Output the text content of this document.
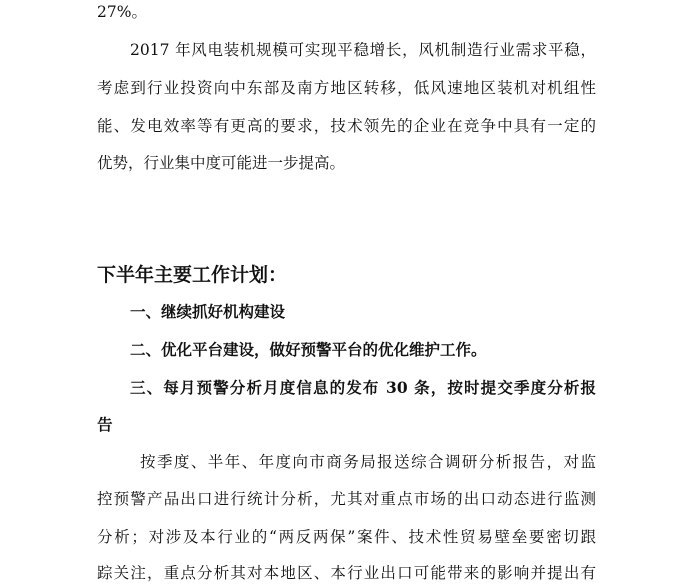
27%。
2017 年风电装机规模可实现平稳增长，风机制造行业需求平稳，
考虑到行业投资向中东部及南方地区转移，低风速地区装机对机组性
能、发电效率等有更高的要求，技术领先的企业在竞争中具有一定的
优势，行业集中度可能进一步提高。
下半年主要工作计划：
一、继续抓好机构建设
二、优化平台建设，做好预警平台的优化维护工作。
三、每月预警分析月度信息的发布 30 条，按时提交季度分析报
告
按季度、半年、年度向市商务局报送综合调研分析报告，对监
控预警产品出口进行统计分析，尤其对重点市场的出口动态进行监测
分析；对涉及本行业的“两反两保”案件、技术性贸易壁垒要密切跟
踪关注，重点分析其对本地区、本行业出口可能带来的影响并提出有
